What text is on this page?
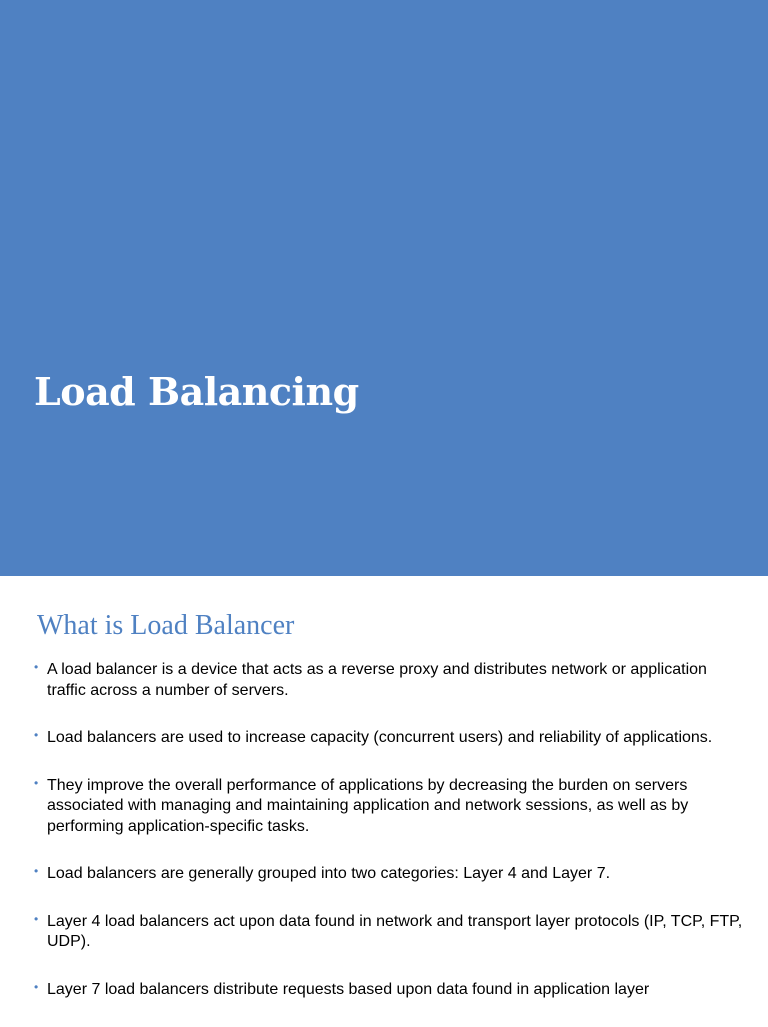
Load Balancing
What is Load Balancer
• A load balancer is a device that acts as a reverse proxy and distributes network or application traffic across a number of servers.
• Load balancers are used to increase capacity (concurrent users) and reliability of applications.
• They improve the overall performance of applications by decreasing the burden on servers associated with managing and maintaining application and network sessions, as well as by performing application-specific tasks.
• Load balancers are generally grouped into two categories: Layer 4 and Layer 7.
• Layer 4 load balancers act upon data found in network and transport layer protocols (IP, TCP, FTP, UDP).
• Layer 7 load balancers distribute requests based upon data found in application layer
